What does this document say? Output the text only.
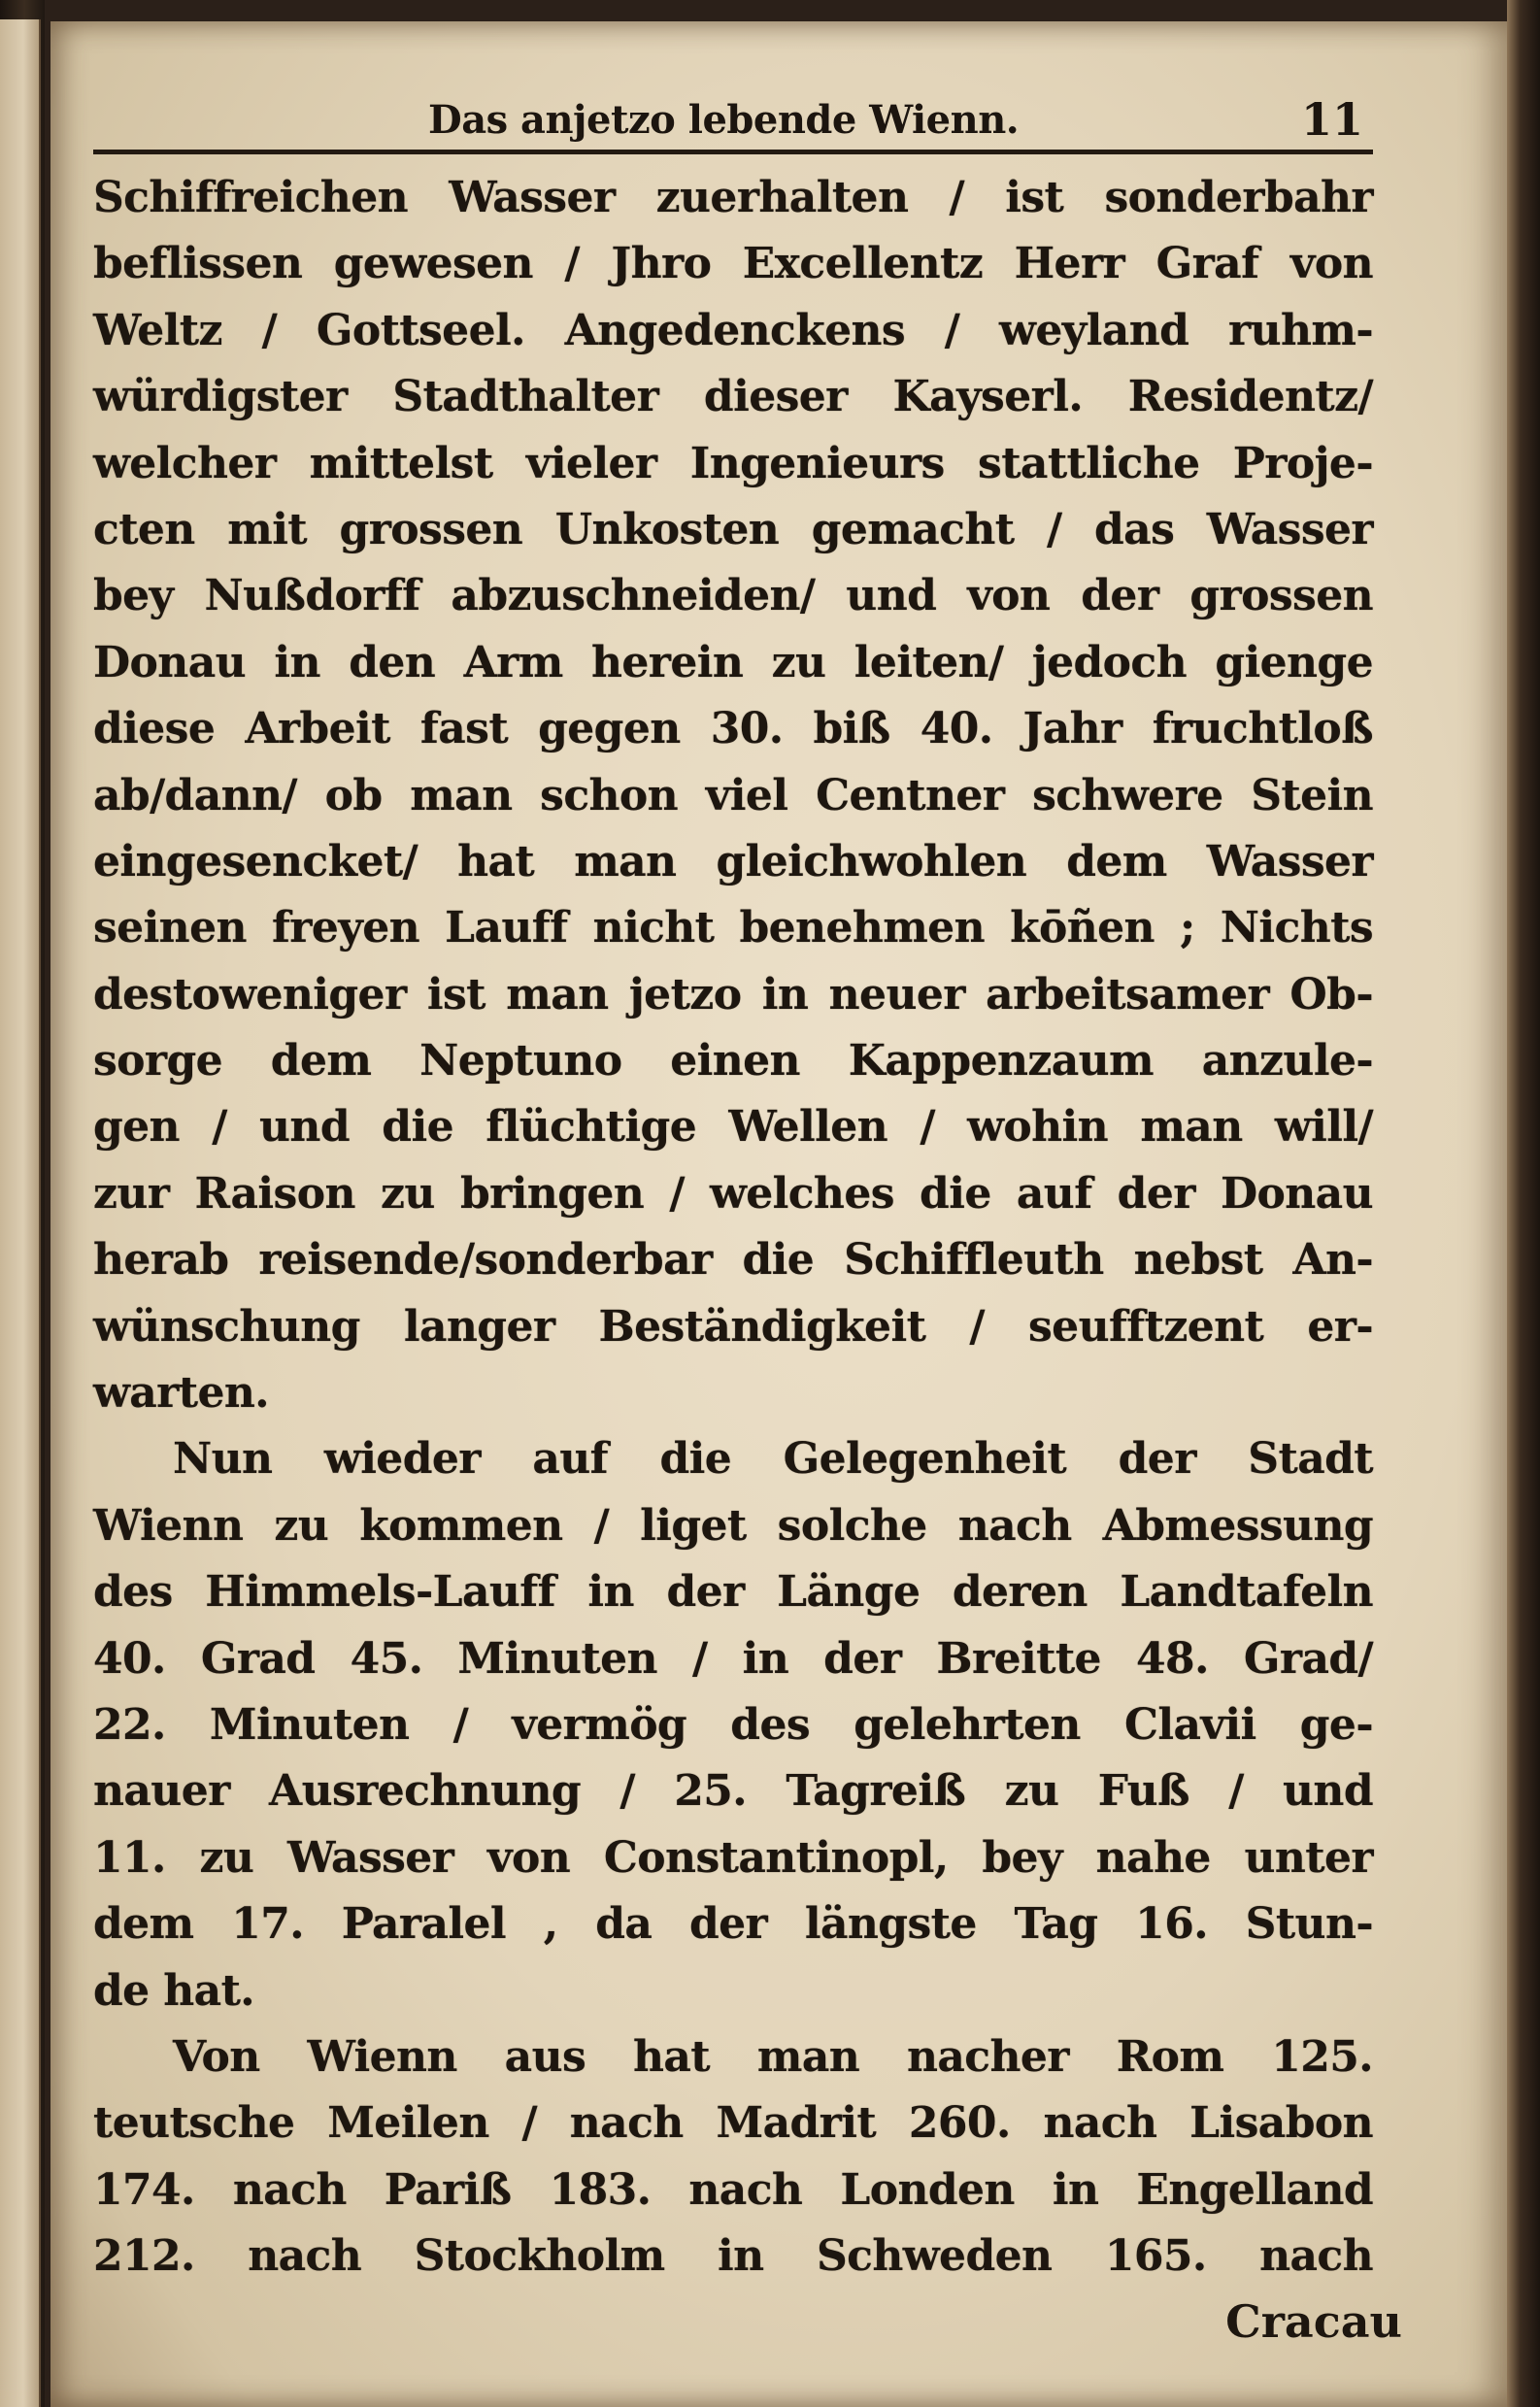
Das anjetzo lebende Wienn.	11
Schiffreichen Wasser zuerhalten / ist sonderbahr
beflissen gewesen / Jhro Excellentz Herr Graf von
Weltz / Gottseel. Angedenckens / weyland ruhm-
würdigster Stadthalter dieser Kayserl. Residentz/
welcher mittelst vieler Ingenieurs stattliche Proje-
cten mit grossen Unkosten gemacht / das Wasser
bey Nußdorff abzuschneiden/ und von der grossen
Donau in den Arm herein zu leiten/ jedoch gienge
diese Arbeit fast gegen 30. biß 40. Jahr fruchtloß
ab/dann/ ob man schon viel Centner schwere Stein
eingesencket/ hat man gleichwohlen dem Wasser
seinen freyen Lauff nicht benehmen kōñen ; Nichts
destoweniger ist man jetzo in neuer arbeitsamer Ob-
sorge dem Neptuno einen Kappenzaum anzule-
gen / und die flüchtige Wellen / wohin man will/
zur Raison zu bringen / welches die auf der Donau
herab reisende/sonderbar die Schiffleuth nebst An-
wünschung langer Beständigkeit / seufftzent er-
warten.
Nun wieder auf die Gelegenheit der Stadt
Wienn zu kommen / liget solche nach Abmessung
des Himmels-Lauff in der Länge deren Landtafeln
40. Grad 45. Minuten / in der Breitte 48. Grad/
22. Minuten / vermög des gelehrten Clavii ge-
nauer Ausrechnung / 25. Tagreiß zu Fuß / und
11. zu Wasser von Constantinopl, bey nahe unter
dem 17. Paralel , da der längste Tag 16. Stun-
de hat.
Von Wienn aus hat man nacher Rom 125.
teutsche Meilen / nach Madrit 260. nach Lisabon
174. nach Pariß 183. nach Londen in Engelland
212. nach Stockholm in Schweden 165. nach
Cracau
